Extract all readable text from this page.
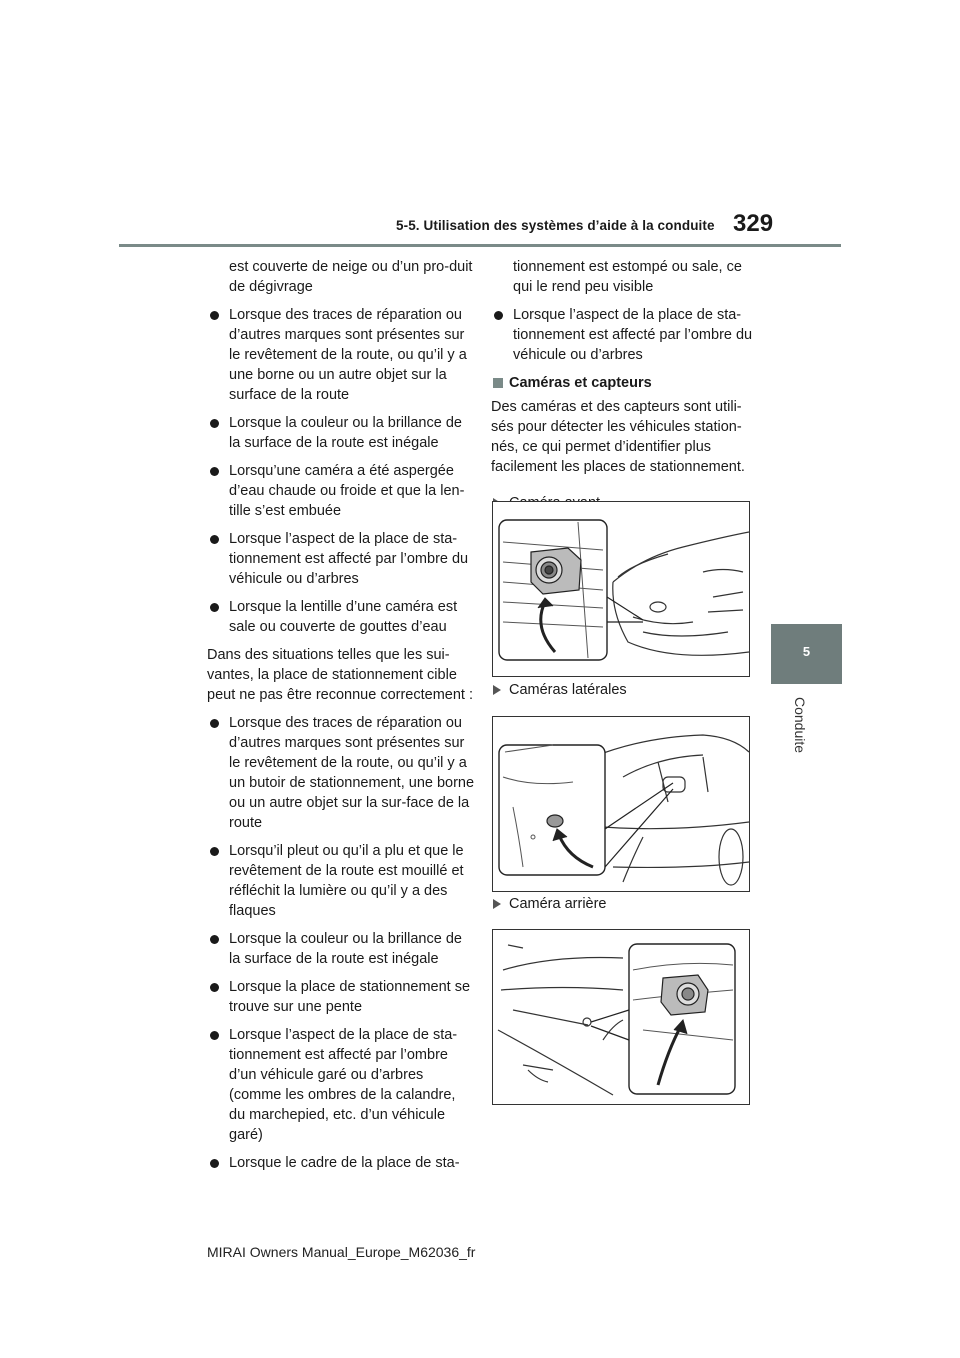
5-5. Utilisation des systèmes d’aide à la conduite 329
5
Conduite
est couverte de neige ou d’un pro-duit de dégivrage
Lorsque des traces de réparation ou d’autres marques sont présentes sur le revêtement de la route, ou qu’il y a une borne ou un autre objet sur la surface de la route
Lorsque la couleur ou la brillance de la surface de la route est inégale
Lorsqu’une caméra a été aspergée d’eau chaude ou froide et que la len-tille s’est embuée
Lorsque l’aspect de la place de sta-tionnement est affecté par l’ombre du véhicule ou d’arbres
Lorsque la lentille d’une caméra est sale ou couverte de gouttes d’eau
Dans des situations telles que les sui-vantes, la place de stationnement cible peut ne pas être reconnue correctement :
Lorsque des traces de réparation ou d’autres marques sont présentes sur le revêtement de la route, ou qu’il y a un butoir de stationnement, une borne ou un autre objet sur la sur-face de la route
Lorsqu’il pleut ou qu’il a plu et que le revêtement de la route est mouillé et réfléchit la lumière ou qu’il y a des flaques
Lorsque la couleur ou la brillance de la surface de la route est inégale
Lorsque la place de stationnement se trouve sur une pente
Lorsque l’aspect de la place de sta-tionnement est affecté par l’ombre d’un véhicule garé ou d’arbres (comme les ombres de la calandre, du marchepied, etc. d’un véhicule garé)
Lorsque le cadre de la place de sta-
tionnement est estompé ou sale, ce qui le rend peu visible
Lorsque l’aspect de la place de sta-tionnement est affecté par l’ombre du véhicule ou d’arbres
Caméras et capteurs
Des caméras et des capteurs sont utili-sés pour détecter les véhicules station-nés, ce qui permet d’identifier plus facilement les places de stationnement.
Caméras latérales
Caméra arrière
MIRAI Owners Manual_Europe_M62036_fr
